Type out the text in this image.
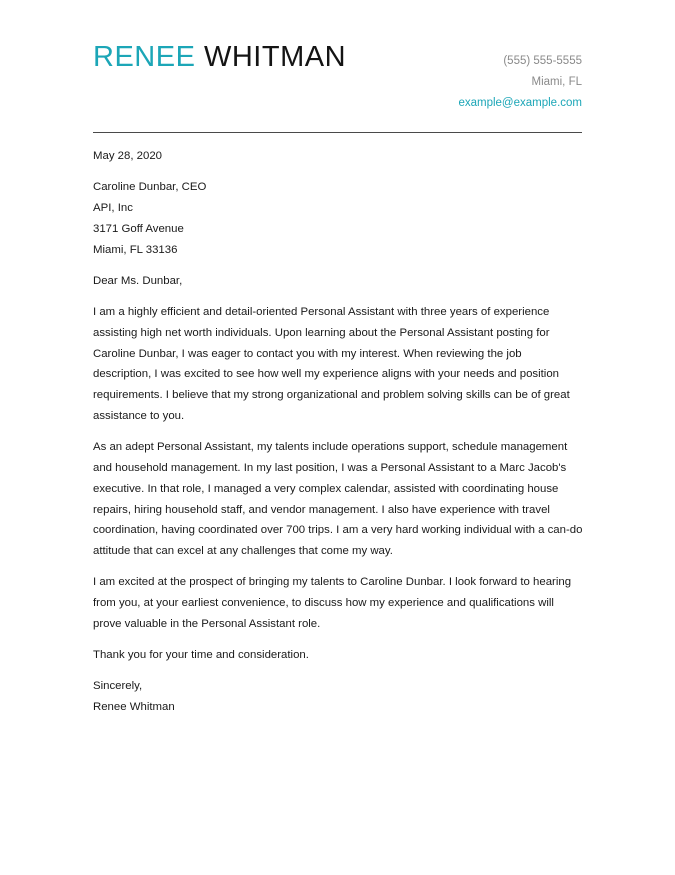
RENEE WHITMAN	(555) 555-5555
Miami, FL
example@example.com

May 28, 2020

Caroline Dunbar, CEO
API, Inc
3171 Goff Avenue
Miami, FL 33136

Dear Ms. Dunbar,

I am a highly efficient and detail-oriented Personal Assistant with three years of experience assisting high net worth individuals. Upon learning about the Personal Assistant posting for Caroline Dunbar, I was eager to contact you with my interest. When reviewing the job description, I was excited to see how well my experience aligns with your needs and position requirements. I believe that my strong organizational and problem solving skills can be of great assistance to you.

As an adept Personal Assistant, my talents include operations support, schedule management and household management. In my last position, I was a Personal Assistant to a Marc Jacob's executive. In that role, I managed a very complex calendar, assisted with coordinating house repairs, hiring household staff, and vendor management. I also have experience with travel coordination, having coordinated over 700 trips. I am a very hard working individual with a can-do attitude that can excel at any challenges that come my way.

I am excited at the prospect of bringing my talents to Caroline Dunbar. I look forward to hearing from you, at your earliest convenience, to discuss how my experience and qualifications will prove valuable in the Personal Assistant role.

Thank you for your time and consideration.

Sincerely,
Renee Whitman
